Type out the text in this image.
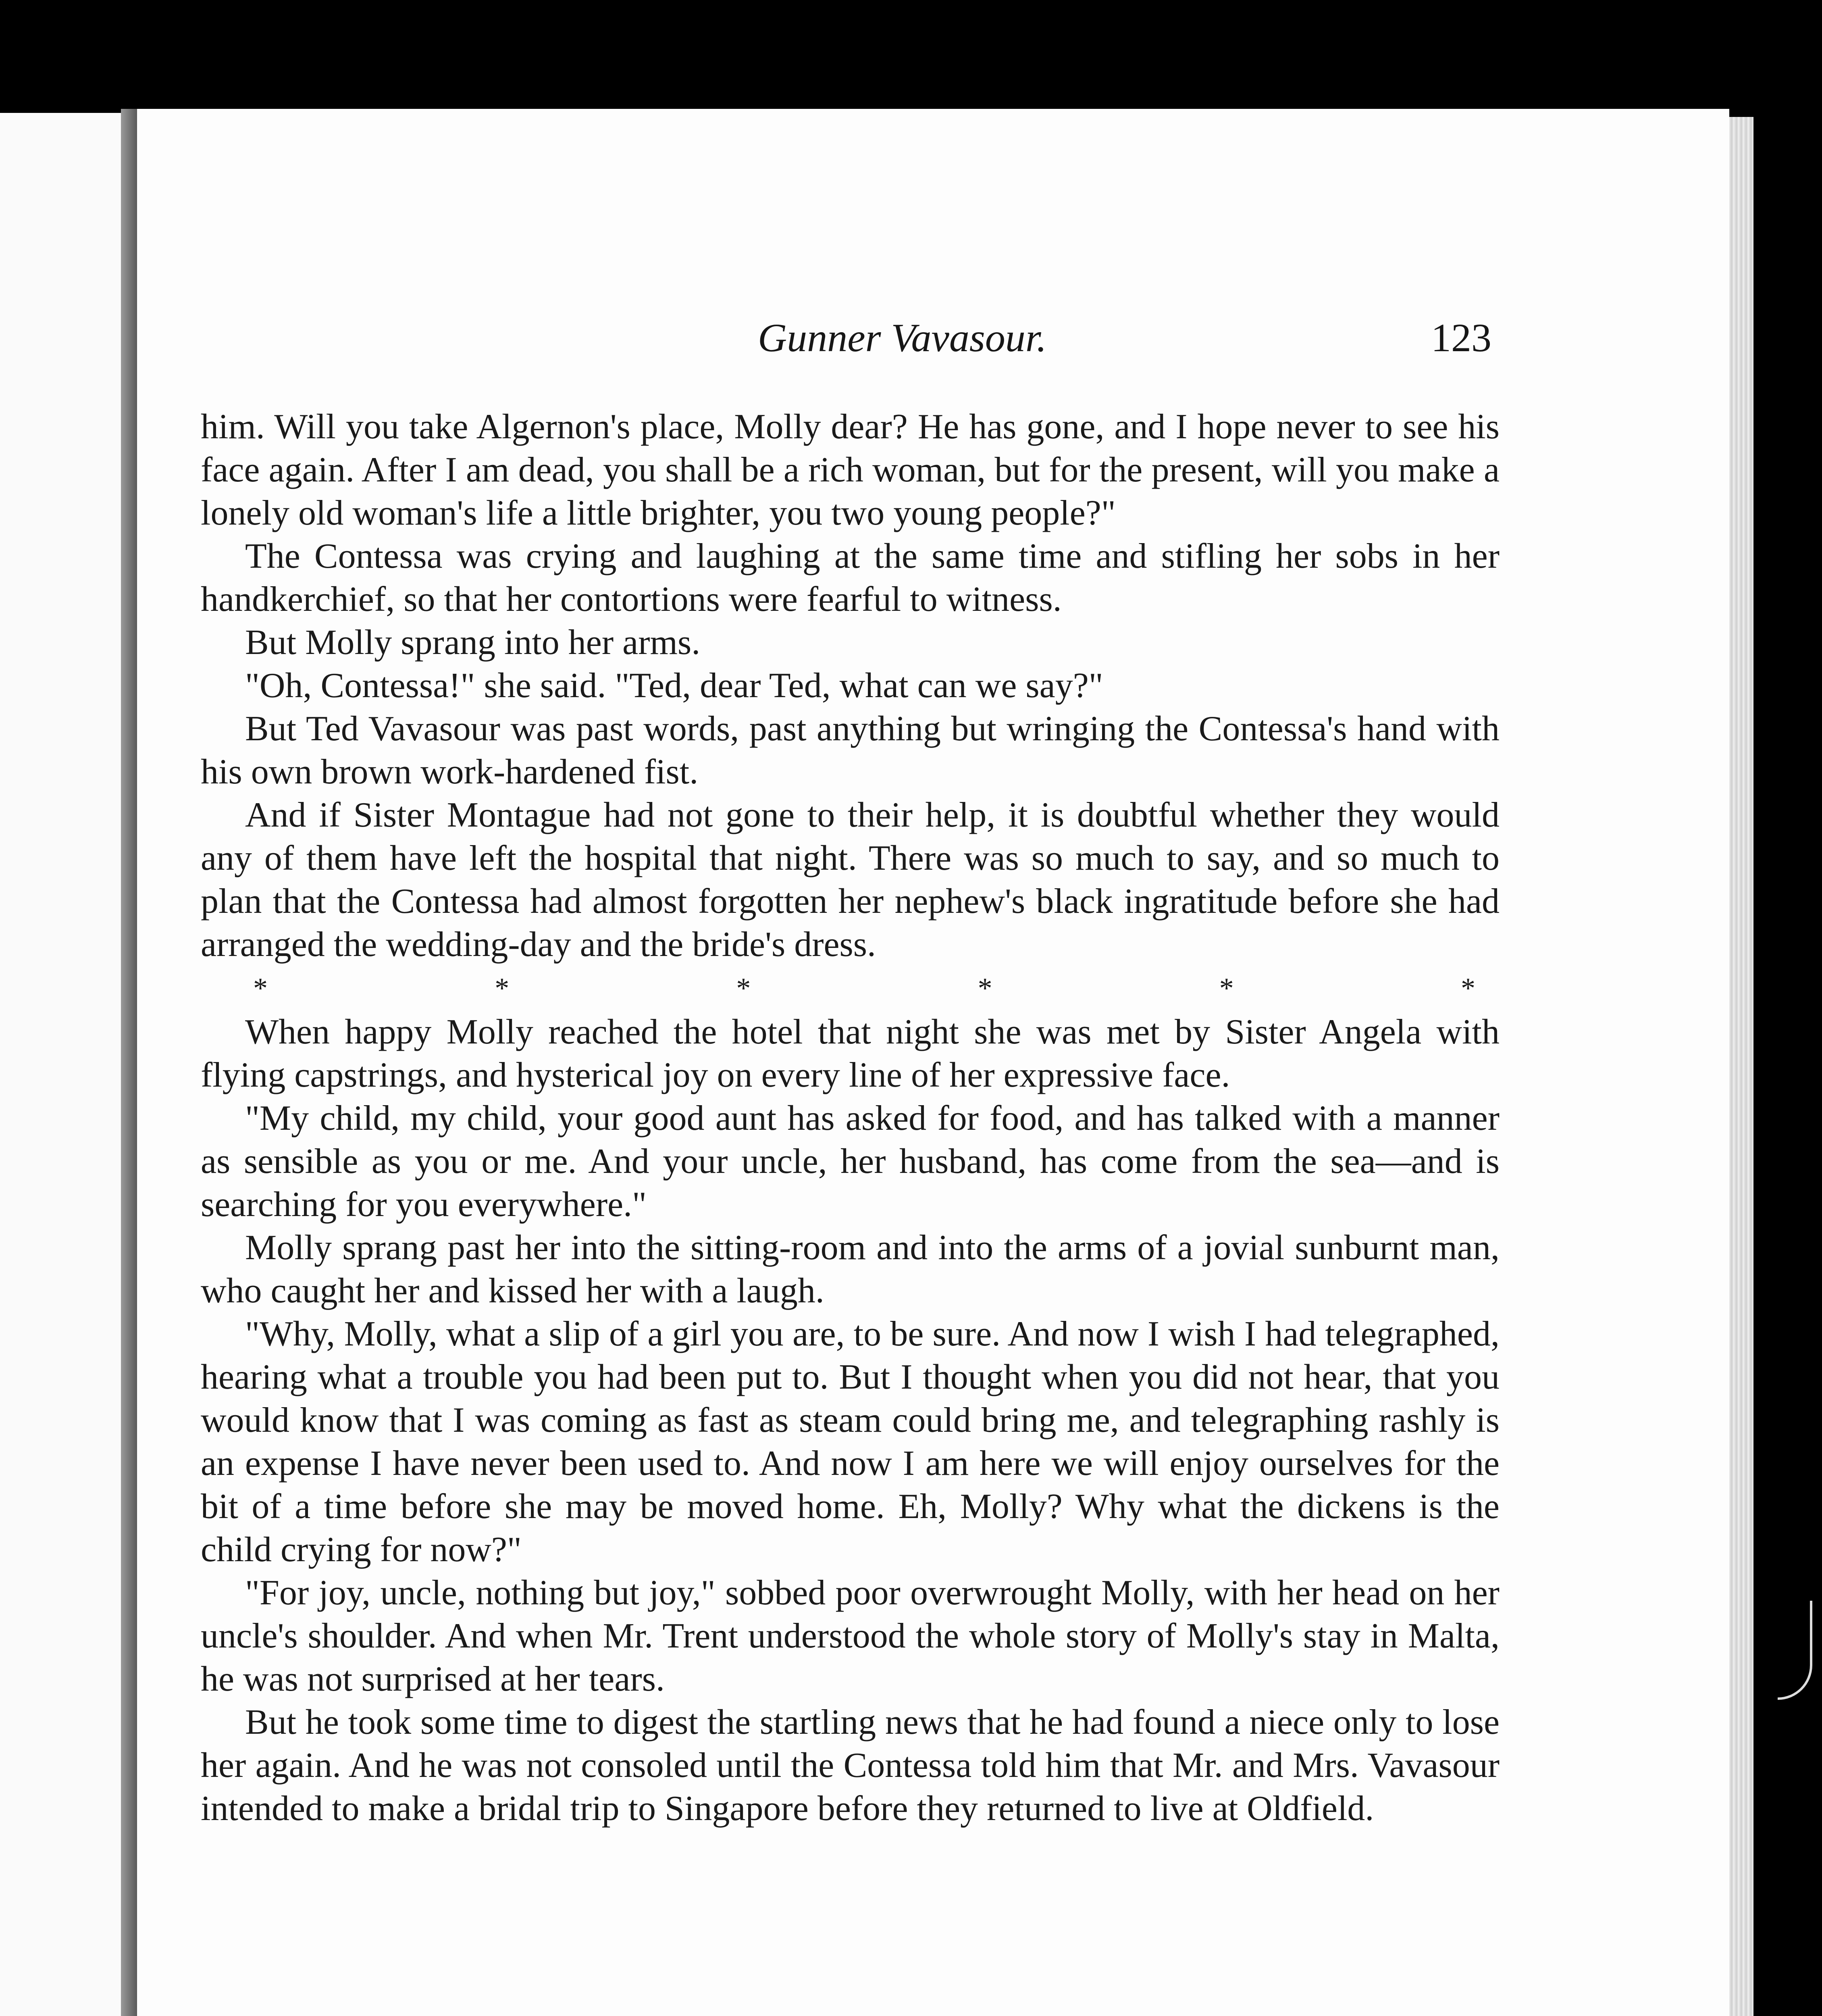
Gunner Vavasour.	123

him. Will you take Algernon's place, Molly dear? He has gone, and I hope never to see his face again. After I am dead, you shall be a rich woman, but for the present, will you make a lonely old woman's life a little brighter, you two young people?"

The Contessa was crying and laughing at the same time and stifling her sobs in her handkerchief, so that her contortions were fearful to witness.

But Molly sprang into her arms.

"Oh, Contessa!" she said. "Ted, dear Ted, what can we say?"

But Ted Vavasour was past words, past anything but wringing the Contessa's hand with his own brown work-hardened fist.

And if Sister Montague had not gone to their help, it is doubtful whether they would any of them have left the hospital that night. There was so much to say, and so much to plan that the Contessa had almost forgotten her nephew's black ingratitude before she had arranged the wedding-day and the bride's dress.

*	*	*	*	*	*

When happy Molly reached the hotel that night she was met by Sister Angela with flying capstrings, and hysterical joy on every line of her expressive face.

"My child, my child, your good aunt has asked for food, and has talked with a manner as sensible as you or me. And your uncle, her husband, has come from the sea—and is searching for you everywhere."

Molly sprang past her into the sitting-room and into the arms of a jovial sunburnt man, who caught her and kissed her with a laugh.

"Why, Molly, what a slip of a girl you are, to be sure. And now I wish I had telegraphed, hearing what a trouble you had been put to. But I thought when you did not hear, that you would know that I was coming as fast as steam could bring me, and telegraphing rashly is an expense I have never been used to. And now I am here we will enjoy ourselves for the bit of a time before she may be moved home. Eh, Molly? Why what the dickens is the child crying for now?"

"For joy, uncle, nothing but joy," sobbed poor overwrought Molly, with her head on her uncle's shoulder. And when Mr. Trent understood the whole story of Molly's stay in Malta, he was not surprised at her tears.

But he took some time to digest the startling news that he had found a niece only to lose her again. And he was not consoled until the Contessa told him that Mr. and Mrs. Vavasour intended to make a bridal trip to Singapore before they returned to live at Oldfield.
